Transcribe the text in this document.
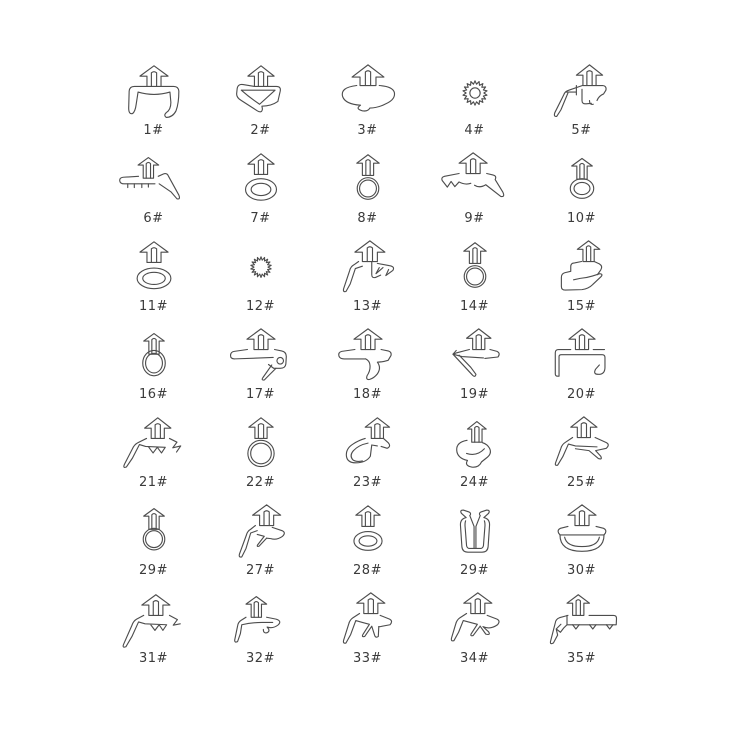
1#	2#	3#	4#	5#
6#	7#	8#	9#	10#
11#	12#	13#	14#	15#
16#	17#	18#	19#	20#
21#	22#	23#	24#	25#
29#	27#	28#	29#	30#
31#	32#	33#	34#	35#
